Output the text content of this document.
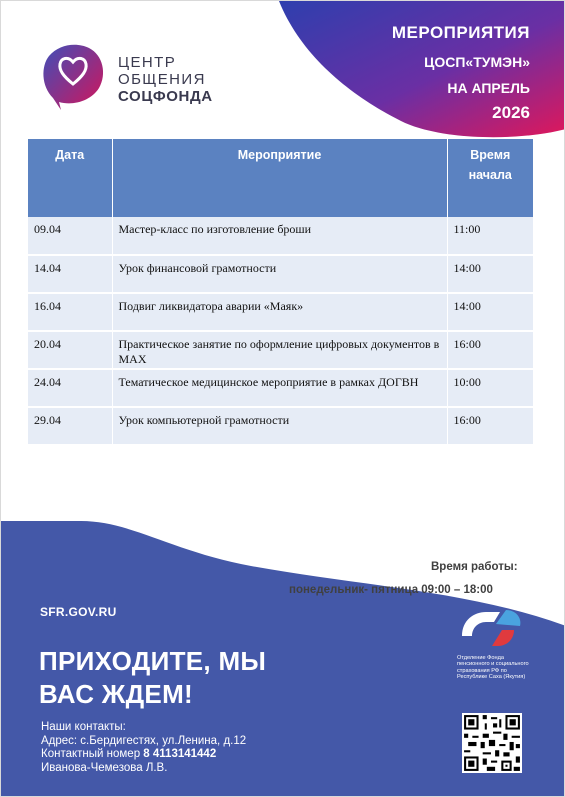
МЕРОПРИЯТИЯ
ЦОСП«ТУМЭН»
НА АПРЕЛЬ
2026
ЦЕНТР
ОБЩЕНИЯ
СОЦФОНДА
Дата	Мероприятие	Время
начала

09.04	Мастер-класс по изготовление броши	11:00
14.04	Урок финансовой грамотности	14:00
16.04	Подвиг ликвидатора аварии «Маяк»	14:00
20.04	Практическое занятие по оформление цифровых документов в MAX	16:00
24.04	Тематическое медицинское мероприятие в рамках ДОГВН	10:00
29.04	Урок компьютерной грамотности	16:00
Время работы:
понедельник- пятница 09:00 – 18:00
SFR.GOV.RU
ПРИХОДИТЕ, МЫ
ВАС ЖДЕМ!
Наши контакты:
Адрес: с.Бердигестях, ул.Ленина, д.12
Контактный номер 8 4113141442
Иванова-Чемезова Л.В.
Отделение Фонда пенсионного и социального страхования РФ по Республике Саха (Якутия)
